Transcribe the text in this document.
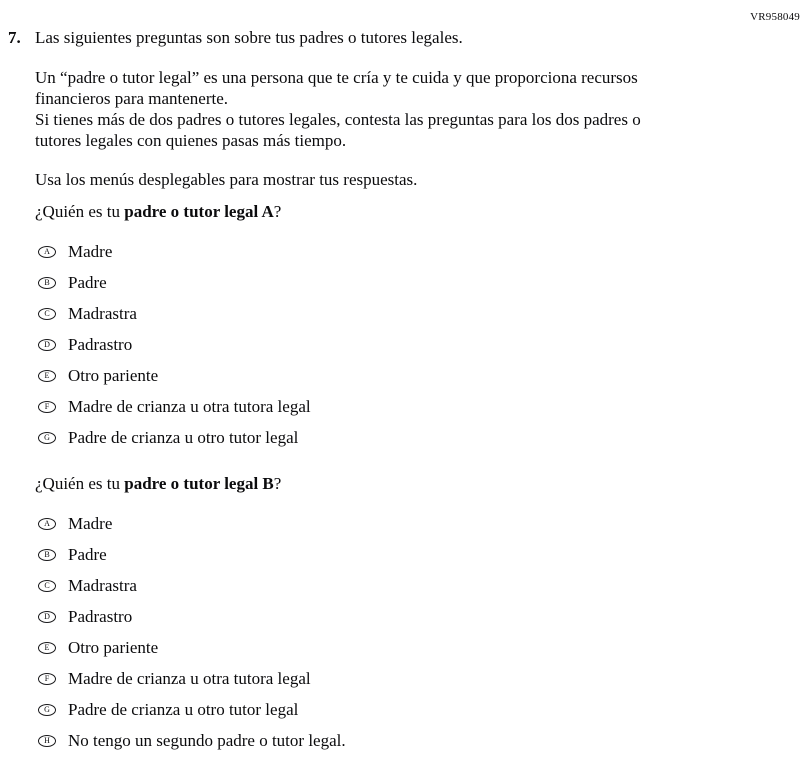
VR958049
7. Las siguientes preguntas son sobre tus padres o tutores legales.
Un “padre o tutor legal” es una persona que te cría y te cuida y que proporciona recursos
financieros para mantenerte.
Si tienes más de dos padres o tutores legales, contesta las preguntas para los dos padres o
tutores legales con quienes pasas más tiempo.
Usa los menús desplegables para mostrar tus respuestas.
¿Quién es tu padre o tutor legal A?
A	Madre
B	Padre
C	Madrastra
D	Padrastro
E	Otro pariente
F	Madre de crianza u otra tutora legal
G	Padre de crianza u otro tutor legal
¿Quién es tu padre o tutor legal B?
A	Madre
B	Padre
C	Madrastra
D	Padrastro
E	Otro pariente
F	Madre de crianza u otra tutora legal
G	Padre de crianza u otro tutor legal
H	No tengo un segundo padre o tutor legal.
